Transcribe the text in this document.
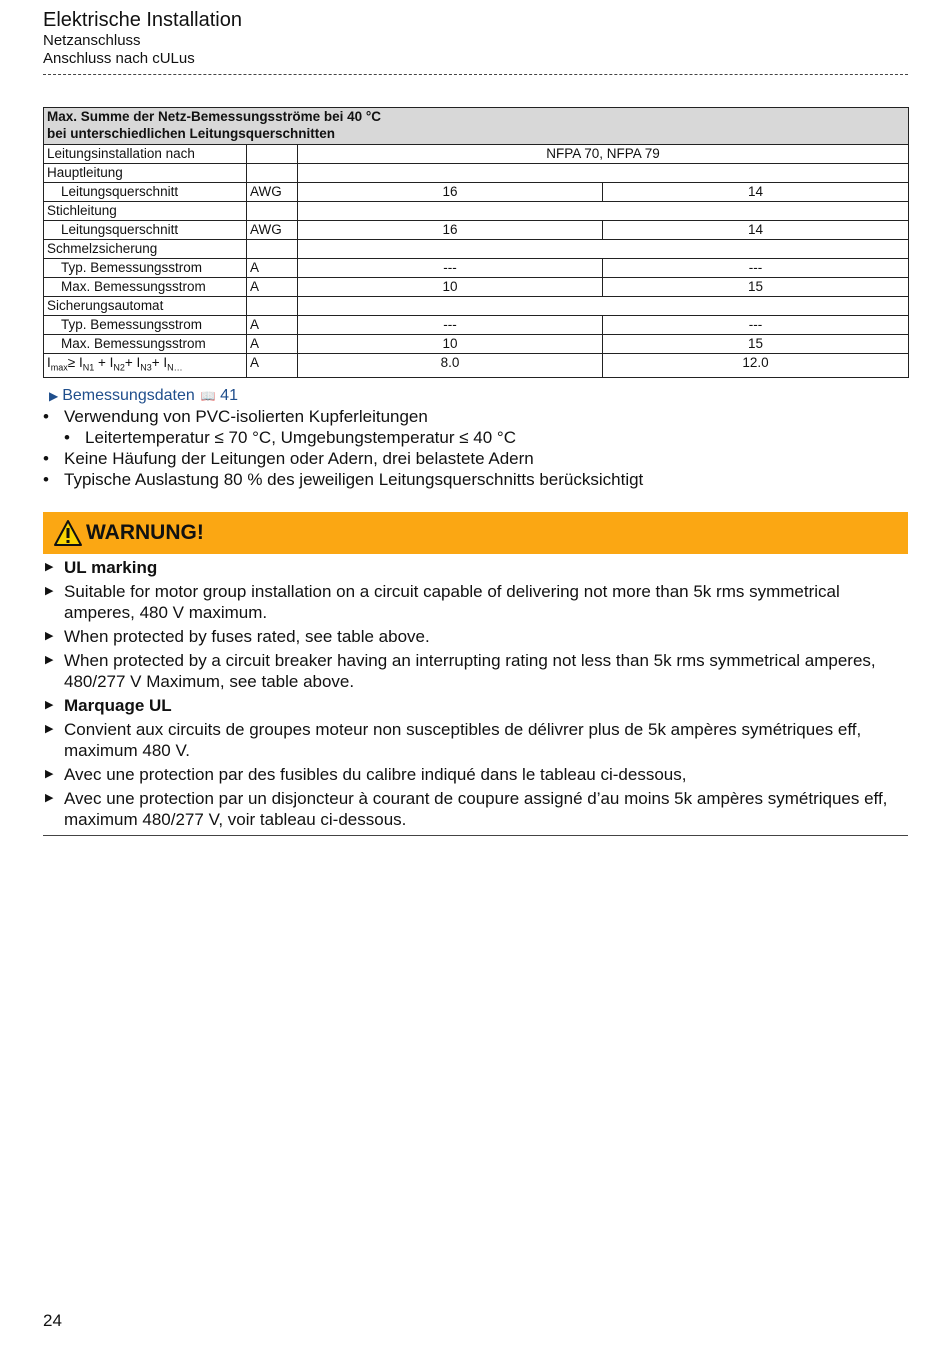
Elektrische Installation
Netzanschluss
Anschluss nach cULus
Max. Summe der Netz-Bemessungsströme bei 40 °C
bei unterschiedlichen Leitungsquerschnitten			
Leitungsinstallation nach		NFPA 70, NFPA 79	
Hauptleitung			
Leitungsquerschnitt	AWG	16	14
Stichleitung			
Leitungsquerschnitt	AWG	16	14
Schmelzsicherung			
Typ. Bemessungsstrom	A	---	---
Max. Bemessungsstrom	A	10	15
Sicherungsautomat			
Typ. Bemessungsstrom	A	---	---
Max. Bemessungsstrom	A	10	15
$I_{max}\ge I_{N1} + I_{N2}+ I_{N3}+ I_{N\dots}$	A	8.0	12.0
▶ Bemessungsdaten 📖 41
• Verwendung von PVC-isolierten Kupferleitungen
• Leitertemperatur ≤ 70 °C, Umgebungstemperatur ≤ 40 °C
• Keine Häufung der Leitungen oder Adern, drei belastete Adern
• Typische Auslastung 80 % des jeweiligen Leitungsquerschnitts berücksichtigt
WARNUNG!
▶ UL marking
▶ Suitable for motor group installation on a circuit capable of delivering not more than 5k rms symmetrical amperes, 480 V maximum.
▶ When protected by fuses rated, see table above.
▶ When protected by a circuit breaker having an interrupting rating not less than 5k rms symmetrical amperes, 480/277 V Maximum, see table above.
▶ Marquage UL
▶ Convient aux circuits de groupes moteur non susceptibles de délivrer plus de 5k ampères symétriques eff, maximum 480 V.
▶ Avec une protection par des fusibles du calibre indiqué dans le tableau ci-dessous,
▶ Avec une protection par un disjoncteur à courant de coupure assigné d’au moins 5k ampères symétriques eff, maximum 480/277 V, voir tableau ci-dessous.
24
